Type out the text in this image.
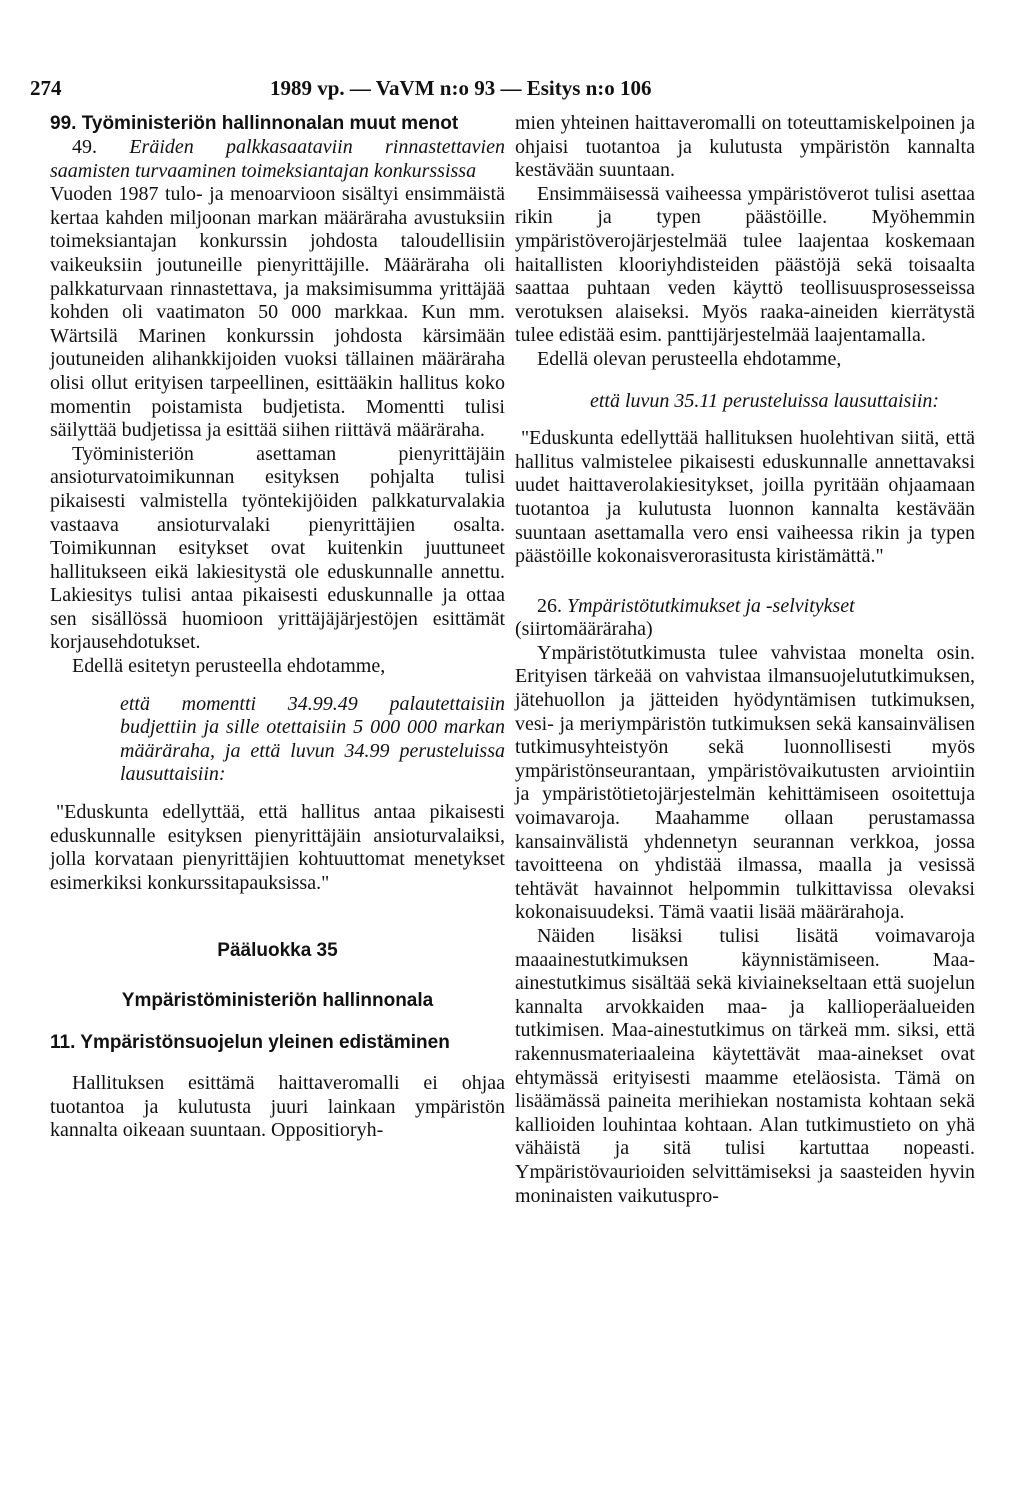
274	1989 vp. — VaVM n:o 93 — Esitys n:o 106

99. Työministeriön hallinnonalan muut menot

49. Eräiden palkkasaataviin rinnastettavien saamisten turvaaminen toimeksiantajan konkurssissa

Vuoden 1987 tulo- ja menoarvioon sisältyi ensimmäistä kertaa kahden miljoonan markan määräraha avustuksiin toimeksiantajan konkurssin johdosta taloudellisiin vaikeuksiin joutuneille pienyrittäjille. Määräraha oli palkkaturvaan rinnastettava, ja maksimisumma yrittäjää kohden oli vaatimaton 50 000 markkaa. Kun mm. Wärtsilä Marinen konkurssin johdosta kärsimään joutuneiden alihankkijoiden vuoksi tällainen määräraha olisi ollut erityisen tarpeellinen, esittääkin hallitus koko momentin poistamista budjetista. Momentti tulisi säilyttää budjetissa ja esittää siihen riittävä määräraha.

Työministeriön asettaman pienyrittäjäin ansioturvatoimikunnan esityksen pohjalta tulisi pikaisesti valmistella työntekijöiden palkkaturvalakia vastaava ansioturvalaki pienyrittäjien osalta. Toimikunnan esitykset ovat kuitenkin juuttuneet hallitukseen eikä lakiesitystä ole eduskunnalle annettu. Lakiesitys tulisi antaa pikaisesti eduskunnalle ja ottaa sen sisällössä huomioon yrittäjäjärjestöjen esittämät korjausehdotukset.

Edellä esitetyn perusteella ehdotamme,

että momentti 34.99.49 palautettaisiin budjettiin ja sille otettaisiin 5 000 000 markan määräraha, ja että luvun 34.99 perusteluissa lausuttaisiin:

"Eduskunta edellyttää, että hallitus antaa pikaisesti eduskunnalle esityksen pienyrittäjäin ansioturvalaiksi, jolla korvataan pienyrittäjien kohtuuttomat menetykset esimerkiksi konkurssitapauksissa."

Pääluokka 35

Ympäristöministeriön hallinnonala

11. Ympäristönsuojelun yleinen edistäminen

Hallituksen esittämä haittaveromalli ei ohjaa tuotantoa ja kulutusta juuri lainkaan ympäristön kannalta oikeaan suuntaan. Oppositioryh-

mien yhteinen haittaveromalli on toteuttamiskelpoinen ja ohjaisi tuotantoa ja kulutusta ympäristön kannalta kestävään suuntaan.

Ensimmäisessä vaiheessa ympäristöverot tulisi asettaa rikin ja typen päästöille. Myöhemmin ympäristöverojärjestelmää tulee laajentaa koskemaan haitallisten klooriyhdisteiden päästöjä sekä toisaalta saattaa puhtaan veden käyttö teollisuusprosesseissa verotuksen alaiseksi. Myös raaka-aineiden kierrätystä tulee edistää esim. panttijärjestelmää laajentamalla.

Edellä olevan perusteella ehdotamme,

että luvun 35.11 perusteluissa lausuttaisiin:

"Eduskunta edellyttää hallituksen huolehtivan siitä, että hallitus valmistelee pikaisesti eduskunnalle annettavaksi uudet haittaverolakiesitykset, joilla pyritään ohjaamaan tuotantoa ja kulutusta luonnon kannalta kestävään suuntaan asettamalla vero ensi vaiheessa rikin ja typen päästöille kokonaisverorasitusta kiristämättä."

26. Ympäristötutkimukset ja -selvitykset

(siirtomääräraha)

Ympäristötutkimusta tulee vahvistaa monelta osin. Erityisen tärkeää on vahvistaa ilmansuojelututkimuksen, jätehuollon ja jätteiden hyödyntämisen tutkimuksen, vesi- ja meriympäristön tutkimuksen sekä kansainvälisen tutkimusyhteistyön sekä luonnollisesti myös ympäristönseurantaan, ympäristövaikutusten arviointiin ja ympäristötietojärjestelmän kehittämiseen osoitettuja voimavaroja. Maahamme ollaan perustamassa kansainvälistä yhdennetyn seurannan verkkoa, jossa tavoitteena on yhdistää ilmassa, maalla ja vesissä tehtävät havainnot helpommin tulkittavissa olevaksi kokonaisuudeksi. Tämä vaatii lisää määrärahoja.

Näiden lisäksi tulisi lisätä voimavaroja maaainestutkimuksen käynnistämiseen. Maa-ainestutkimus sisältää sekä kiviainekseltaan että suojelun kannalta arvokkaiden maa- ja kallioperäalueiden tutkimisen. Maa-ainestutkimus on tärkeä mm. siksi, että rakennusmateriaaleina käytettävät maa-ainekset ovat ehtymässä erityisesti maamme eteläosista. Tämä on lisäämässä paineita merihiekan nostamista kohtaan sekä kallioiden louhintaa kohtaan. Alan tutkimustieto on yhä vähäistä ja sitä tulisi kartuttaa nopeasti. Ympäristövaurioiden selvittämiseksi ja saasteiden hyvin moninaisten vaikutuspro-
